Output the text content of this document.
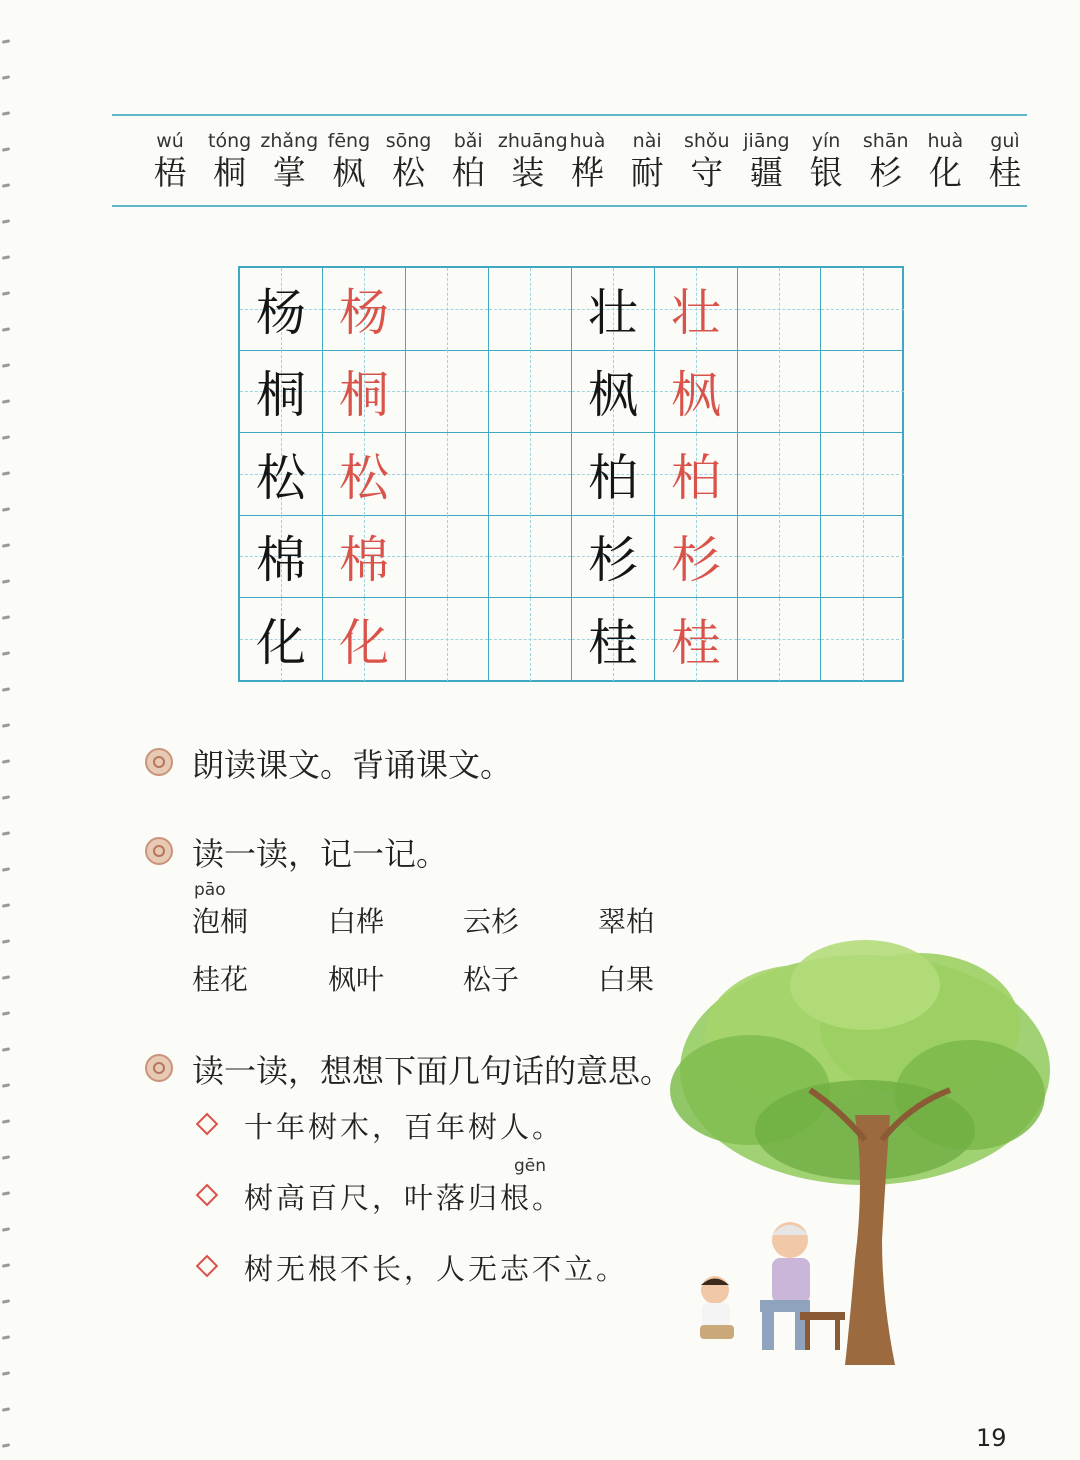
wú
梧
tóng
桐
zhǎng
掌
fēng
枫
sōng
松
bǎi
柏
zhuāng
装
huà
桦
nài
耐
shǒu
守
jiāng
疆
yín
银
shān
杉
huà
化
guì
桂
杨 杨	壮 壮
桐 桐	枫 枫
松 松	柏 柏
棉 棉	杉 杉
化 化	桂 桂
朗读课文。背诵课文。
读一读，记一记。
pāo
泡桐	白桦	云杉	翠柏
桂花	枫叶	松子	白果
读一读，想想下面几句话的意思。
十年树木，百年树人。
gēn
树高百尺，叶落归根。
树无根不长，人无志不立。
19
